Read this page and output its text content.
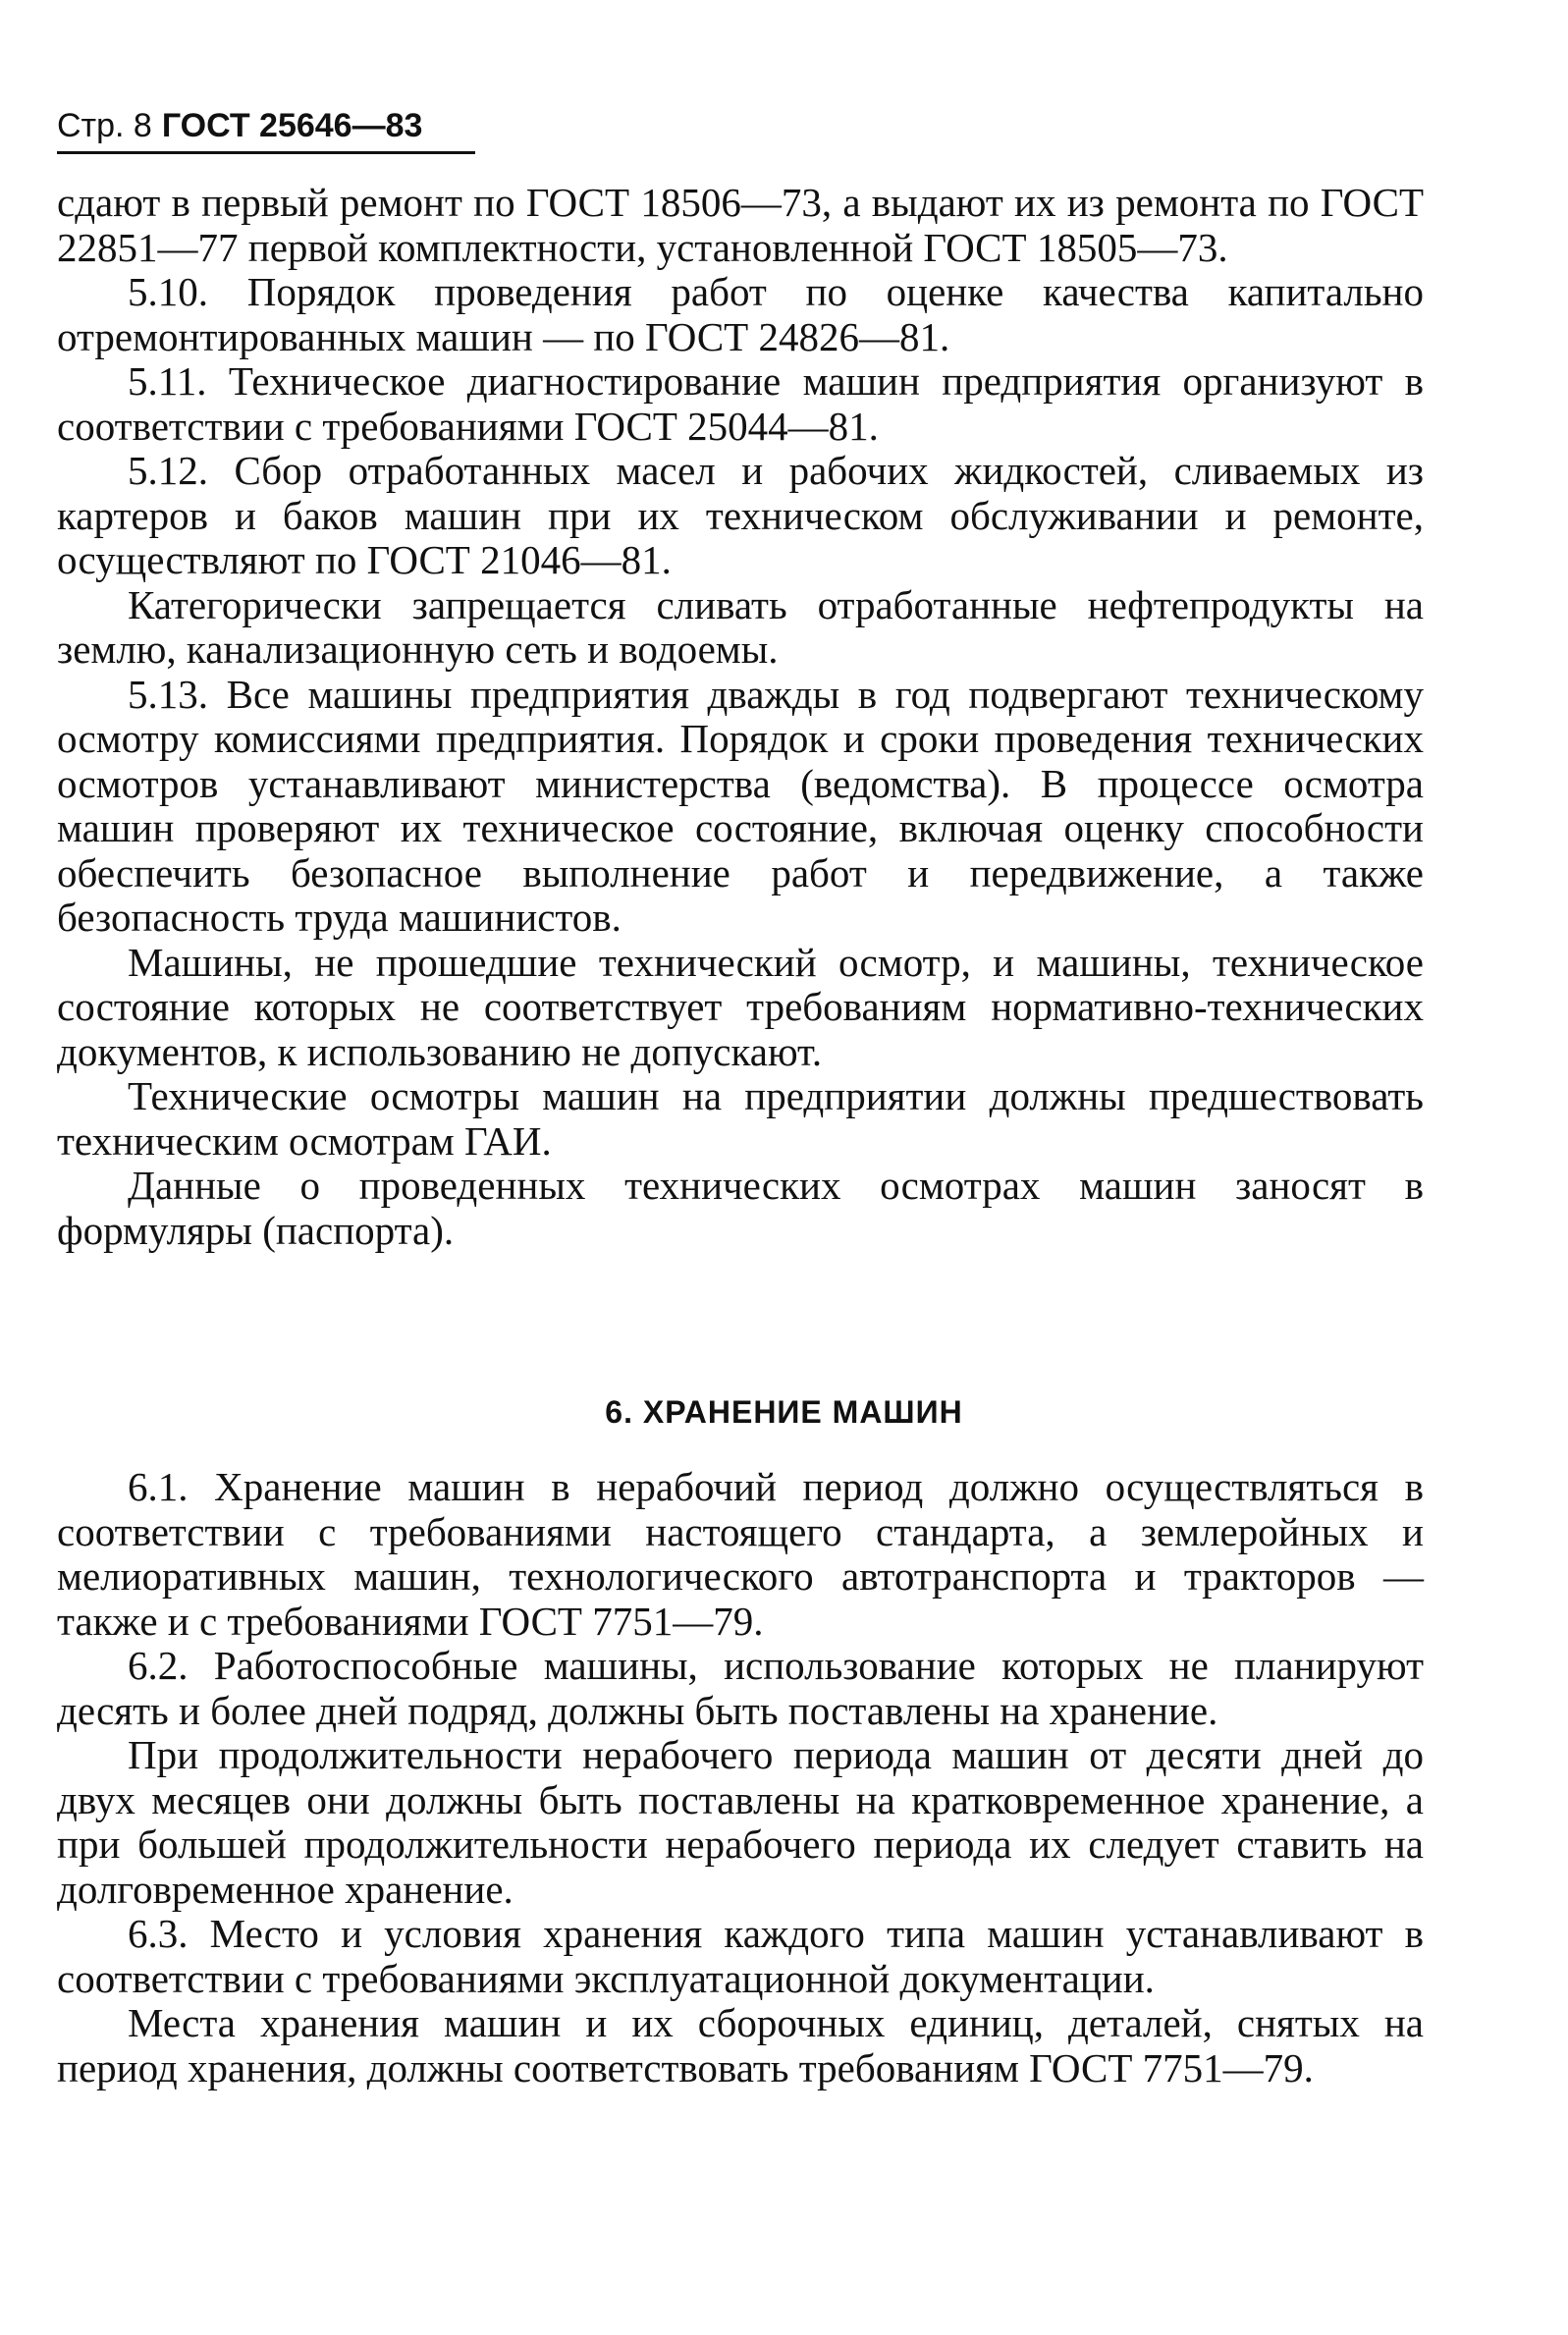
Стр. 8 ГОСТ 25646—83

сдают в первый ремонт по ГОСТ 18506—73, а выдают их из ремонта по ГОСТ 22851—77 первой комплектности, установленной ГОСТ 18505—73.

5.10. Порядок проведения работ по оценке качества капитально отремонтированных машин — по ГОСТ 24826—81.

5.11. Техническое диагностирование машин предприятия организуют в соответствии с требованиями ГОСТ 25044—81.

5.12. Сбор отработанных масел и рабочих жидкостей, сливаемых из картеров и баков машин при их техническом обслуживании и ремонте, осуществляют по ГОСТ 21046—81.

Категорически запрещается сливать отработанные нефтепродукты на землю, канализационную сеть и водоемы.

5.13. Все машины предприятия дважды в год подвергают техническому осмотру комиссиями предприятия. Порядок и сроки проведения технических осмотров устанавливают министерства (ведомства). В процессе осмотра машин проверяют их техническое состояние, включая оценку способности обеспечить безопасное выполнение работ и передвижение, а также безопасность труда машинистов.

Машины, не прошедшие технический осмотр, и машины, техническое состояние которых не соответствует требованиям нормативно-технических документов, к использованию не допускают.

Технические осмотры машин на предприятии должны предшествовать техническим осмотрам ГАИ.

Данные о проведенных технических осмотрах машин заносят в формуляры (паспорта).

6. ХРАНЕНИЕ МАШИН

6.1. Хранение машин в нерабочий период должно осуществляться в соответствии с требованиями настоящего стандарта, а землеройных и мелиоративных машин, технологического автотранспорта и тракторов — также и с требованиями ГОСТ 7751—79.

6.2. Работоспособные машины, использование которых не планируют десять и более дней подряд, должны быть поставлены на хранение.

При продолжительности нерабочего периода машин от десяти дней до двух месяцев они должны быть поставлены на кратковременное хранение, а при большей продолжительности нерабочего периода их следует ставить на долговременное хранение.

6.3. Место и условия хранения каждого типа машин устанавливают в соответствии с требованиями эксплуатационной документации.

Места хранения машин и их сборочных единиц, деталей, снятых на период хранения, должны соответствовать требованиям ГОСТ 7751—79.
